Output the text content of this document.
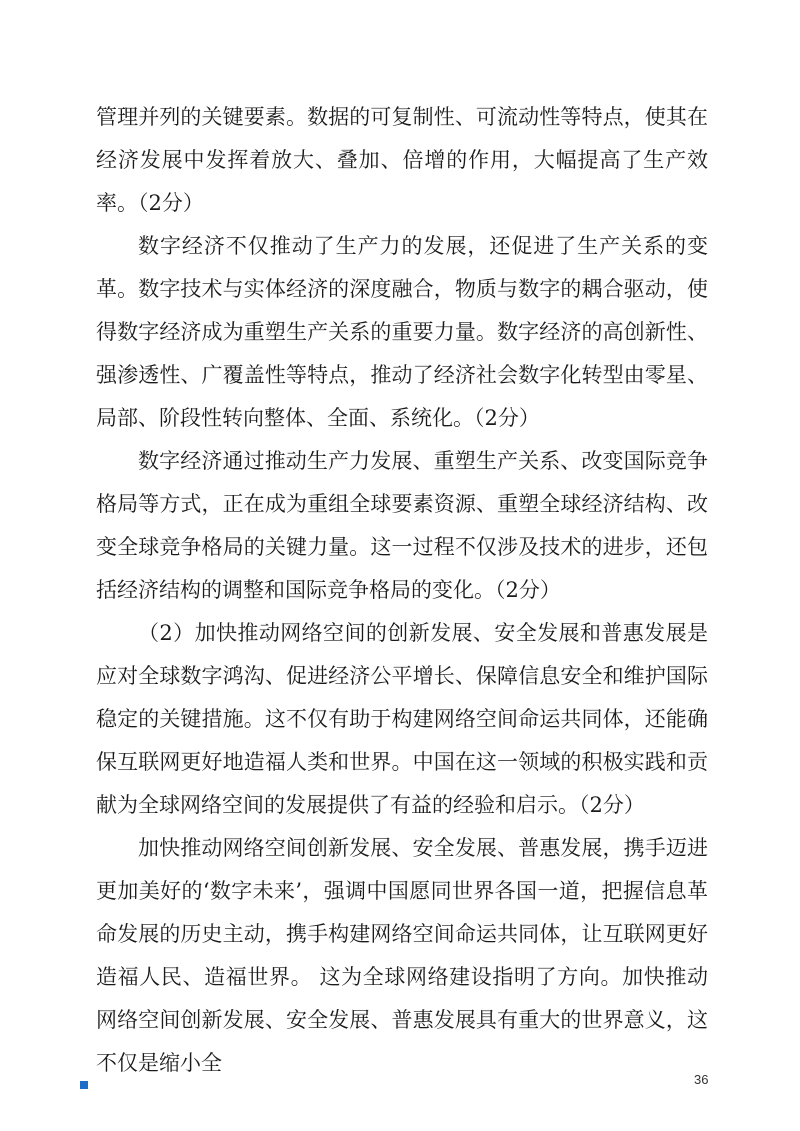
管理并列的关键要素。数据的可复制性、可流动性等特点，使其在经济发展中发挥着放大、叠加、倍增的作用，大幅提高了生产效率。（2分）

数字经济不仅推动了生产力的发展，还促进了生产关系的变革。数字技术与实体经济的深度融合，物质与数字的耦合驱动，使得数字经济成为重塑生产关系的重要力量。数字经济的高创新性、强渗透性、广覆盖性等特点，推动了经济社会数字化转型由零星、局部、阶段性转向整体、全面、系统化。（2分）

数字经济通过推动生产力发展、重塑生产关系、改变国际竞争格局等方式，正在成为重组全球要素资源、重塑全球经济结构、改变全球竞争格局的关键力量。这一过程不仅涉及技术的进步，还包括经济结构的调整和国际竞争格局的变化。（2分）

（2）加快推动网络空间的创新发展、安全发展和普惠发展是应对全球数字鸿沟、促进经济公平增长、保障信息安全和维护国际稳定的关键措施。这不仅有助于构建网络空间命运共同体，还能确保互联网更好地造福人类和世界。中国在这一领域的积极实践和贡献为全球网络空间的发展提供了有益的经验和启示。（2分）

加快推动网络空间创新发展、安全发展、普惠发展，携手迈进更加美好的‘数字未来’，强调中国愿同世界各国一道，把握信息革命发展的历史主动，携手构建网络空间命运共同体，让互联网更好造福人民、造福世界。 这为全球网络建设指明了方向。加快推动网络空间创新发展、安全发展、普惠发展具有重大的世界意义，这不仅是缩小全

36
